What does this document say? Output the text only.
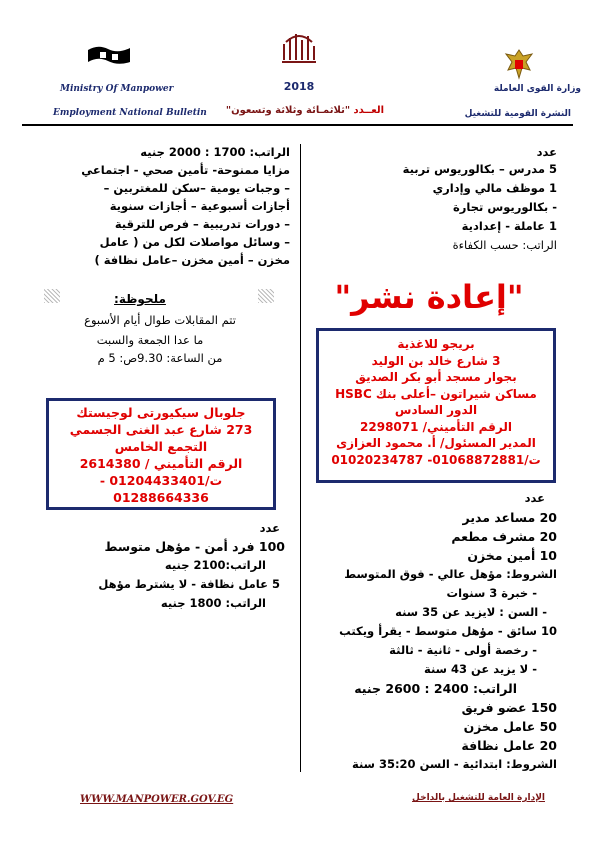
Ministry Of Manpower
Employment National Bulletin
2018
العــدد "ثلاثمـائة وثلاثة وتسعون"
وزارة القوى العاملة
النشرة القومية للتشغيل
عدد
5 مدرس – بكالوريوس تربية
1 موظف مالي وإداري
- بكالوريوس تجارة
1 عاملة - إعدادية
الراتب: حسب الكفاءة
"إعادة نشر"
بريجو للاغذية
3 شارع خالد بن الوليد
بجوار مسجد أبو بكر الصديق
مساكن شيراتون –أعلى بنك HSBC
الدور السادس
الرقم التأميني/ 2298071
المدير المسئول/ أ. محمود العزازى
ت/01068872881- 01020234787
الراتب: 1700 : 2000 جنيه
مزايا ممنوحة- تأمين صحي - اجتماعي
– وجبات يومية –سكن للمغتربين –
أجازات أسبوعية – أجازات سنوية
– دورات تدريبية – فرص للترقية
– وسائل مواصلات لكل من ( عامل
مخزن – أمين مخزن –عامل نظافة )
ملحوظة:
تتم المقابلات طوال أيام الأسبوع
ما عدا الجمعة والسبت
من الساعة: 9.30ص: 5 م
جلوبال سيكيورتى لوجيستك
273 شارع عبد الغنى الجسمي
التجمع الخامس
الرقم التأميني / 2614380
ت/01204433401 -
01288664336
عدد
100 فرد أمن - مؤهل متوسط
الراتب:2100 جنيه
5 عامل نظافة - لا يشترط مؤهل
الراتب: 1800 جنيه
عدد
20 مساعد مدير
20 مشرف مطعم
10 أمين مخزن
الشروط: مؤهل عالي - فوق المتوسط
- خبرة 3 سنوات
- السن : لايزيد عن 35 سنه
10 سائق - مؤهل متوسط - يقرأ ويكتب
- رخصة أولى - ثانية - ثالثة
- لا يزيد عن 43 سنة
الراتب: 2400 : 2600 جنيه
150 عضو فريق
50 عامل مخزن
20 عامل نظافة
الشروط: ابتدائية - السن 35:20 سنة
WWW.MANPOWER.GOV.EG	الإدارة العامة للتشغيل بالداخل
